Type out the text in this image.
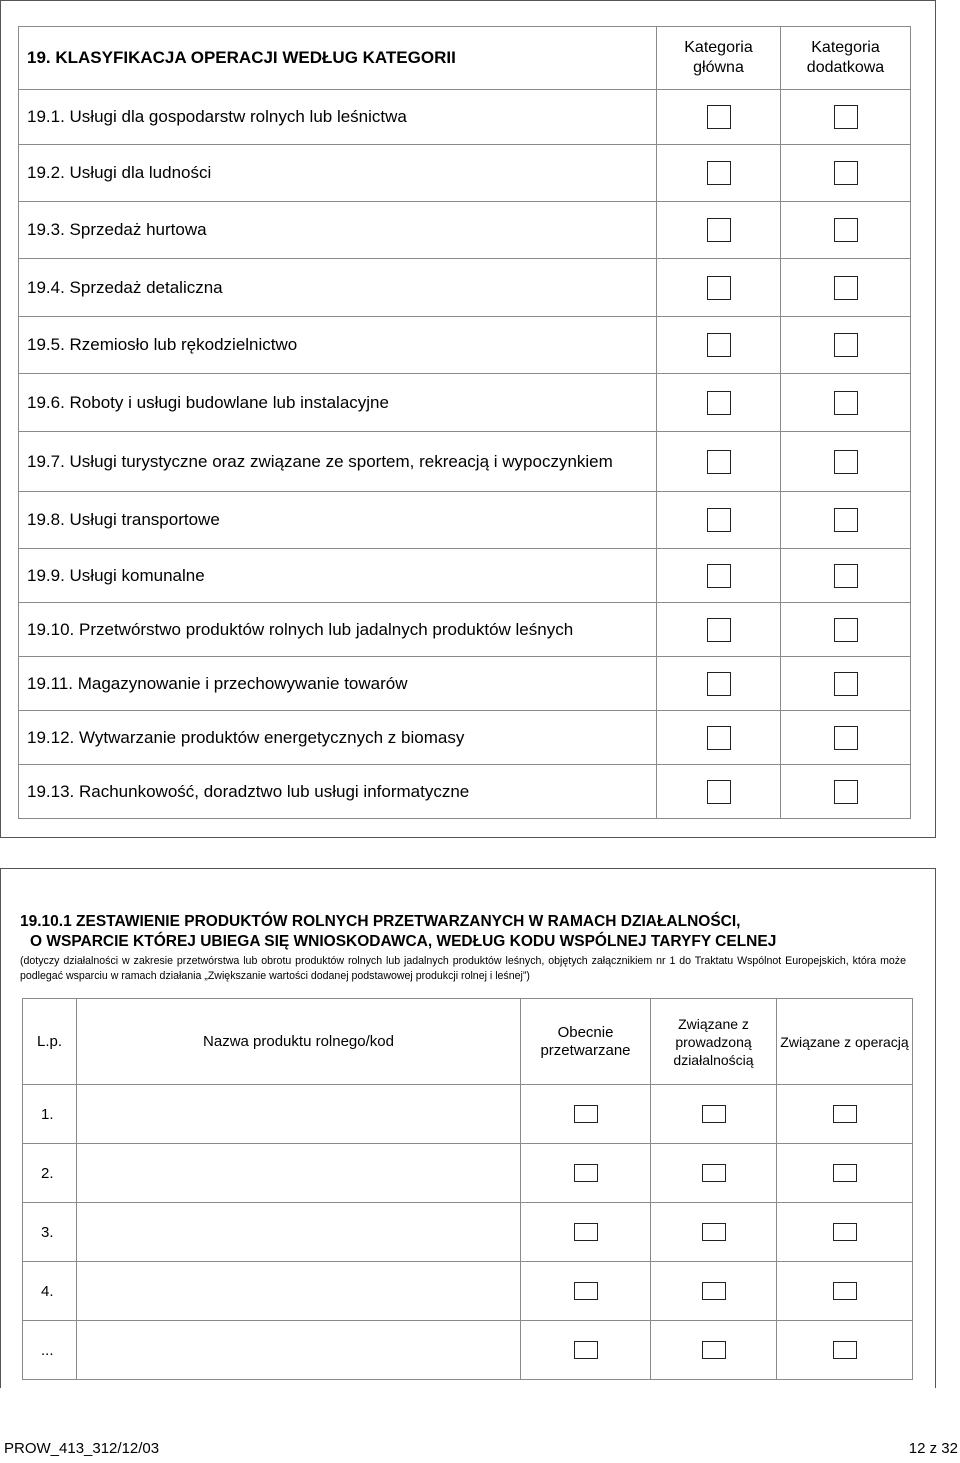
19. KLASYFIKACJA OPERACJI WEDŁUG KATEGORII	Kategoria główna	Kategoria dodatkowa
19.1. Usługi dla gospodarstw rolnych lub leśnictwa		
19.2. Usługi dla ludności		
19.3. Sprzedaż hurtowa		
19.4. Sprzedaż detaliczna		
19.5. Rzemiosło lub rękodzielnictwo		
19.6. Roboty i usługi budowlane lub instalacyjne		
19.7. Usługi turystyczne oraz związane ze sportem, rekreacją i wypoczynkiem		
19.8. Usługi transportowe		
19.9. Usługi komunalne		
19.10. Przetwórstwo produktów rolnych lub jadalnych produktów leśnych		
19.11. Magazynowanie i przechowywanie towarów		
19.12. Wytwarzanie produktów energetycznych z biomasy		
19.13. Rachunkowość, doradztwo lub usługi informatyczne		
19.10.1 ZESTAWIENIE PRODUKTÓW ROLNYCH PRZETWARZANYCH W RAMACH DZIAŁALNOŚCI,
O WSPARCIE KTÓREJ UBIEGA SIĘ WNIOSKODAWCA, WEDŁUG KODU WSPÓLNEJ TARYFY CELNEJ
(dotyczy działalności w zakresie przetwórstwa lub obrotu produktów rolnych lub jadalnych produktów leśnych, objętych załącznikiem nr 1 do Traktatu Wspólnot Europejskich, która może podlegać wsparciu w ramach działania „Zwiększanie wartości dodanej podstawowej produkcji rolnej i leśnej”)
L.p.	Nazwa produktu rolnego/kod	Obecnie przetwarzane	Związane z prowadzoną działalnością	Związane z operacją
1.				
2.				
3.				
4.				
...				
PROW_413_312/12/03	12 z 32
